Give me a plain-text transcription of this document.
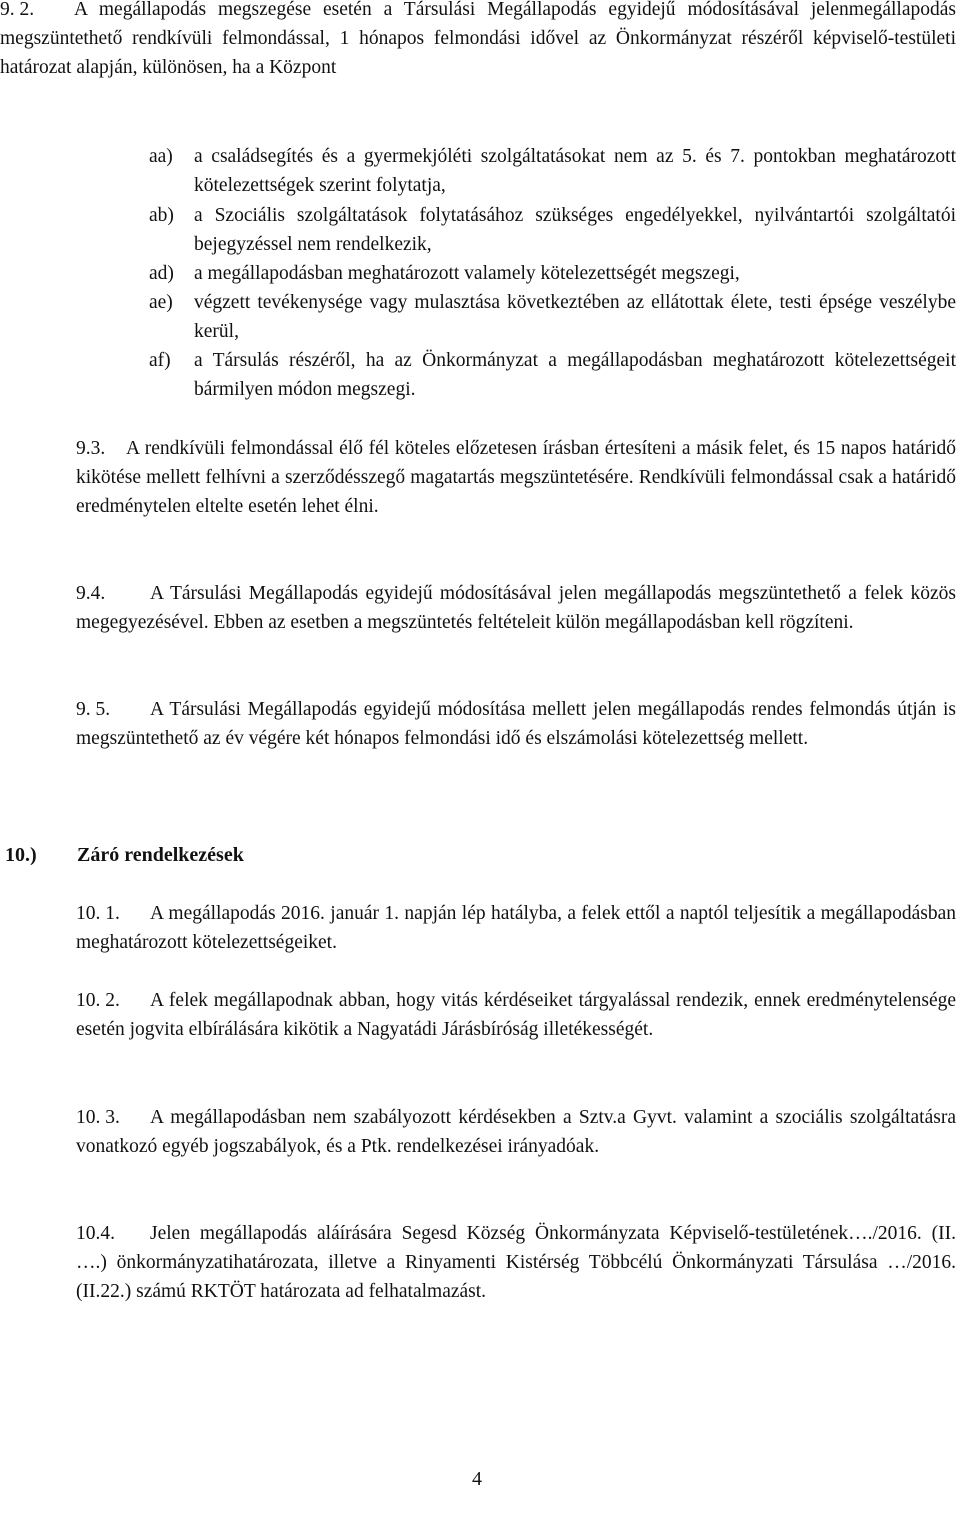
9. 2.	A megállapodás megszegése esetén a Társulási Megállapodás egyidejű módosításával jelenmegállapodás megszüntethető rendkívüli felmondással, 1 hónapos felmondási idővel az Önkormányzat részéről képviselő-testületi határozat alapján, különösen, ha a Központ

aa)	a családsegítés és a gyermekjóléti szolgáltatásokat nem az 5. és 7. pontokban meghatározott kötelezettségek szerint folytatja,
ab)	a Szociális szolgáltatások folytatásához szükséges engedélyekkel, nyilvántartói szolgáltatói bejegyzéssel nem rendelkezik,
ad)	a megállapodásban meghatározott valamely kötelezettségét megszegi,
ae)	végzett tevékenysége vagy mulasztása következtében az ellátottak élete, testi épsége veszélybe kerül,
af)	a Társulás részéről, ha az Önkormányzat a megállapodásban meghatározott kötelezettségeit bármilyen módon megszegi.

9.3.	A rendkívüli felmondással élő fél köteles előzetesen írásban értesíteni a másik felet, és 15 napos határidő kikötése mellett felhívni a szerződésszegő magatartás megszüntetésére. Rendkívüli felmondással csak a határidő eredménytelen eltelte esetén lehet élni.

9.4.	A Társulási Megállapodás egyidejű módosításával jelen megállapodás megszüntethető a felek közös megegyezésével. Ebben az esetben a megszüntetés feltételeit külön megállapodásban kell rögzíteni.

9. 5.	A Társulási Megállapodás egyidejű módosítása mellett jelen megállapodás rendes felmondás útján is megszüntethető az év végére két hónapos felmondási idő és elszámolási kötelezettség mellett.

10.) Záró rendelkezések

10. 1.	A megállapodás 2016. január 1. napján lép hatályba, a felek ettől a naptól teljesítik a megállapodásban meghatározott kötelezettségeiket.

10. 2.	A felek megállapodnak abban, hogy vitás kérdéseiket tárgyalással rendezik, ennek eredménytelensége esetén jogvita elbírálására kikötik a Nagyatádi Járásbíróság illetékességét.

10. 3.	A megállapodásban nem szabályozott kérdésekben a Sztv.a Gyvt. valamint a szociális szolgáltatásra vonatkozó egyéb jogszabályok, és a Ptk. rendelkezései irányadóak.

10.4.	Jelen megállapodás aláírására Segesd Község Önkormányzata Képviselő-testületének…./2016. (II. ….) önkormányzatihatározata, illetve a Rinyamenti Kistérség Többcélú Önkormányzati Társulása …/2016. (II.22.) számú RKTÖT határozata ad felhatalmazást.

4
